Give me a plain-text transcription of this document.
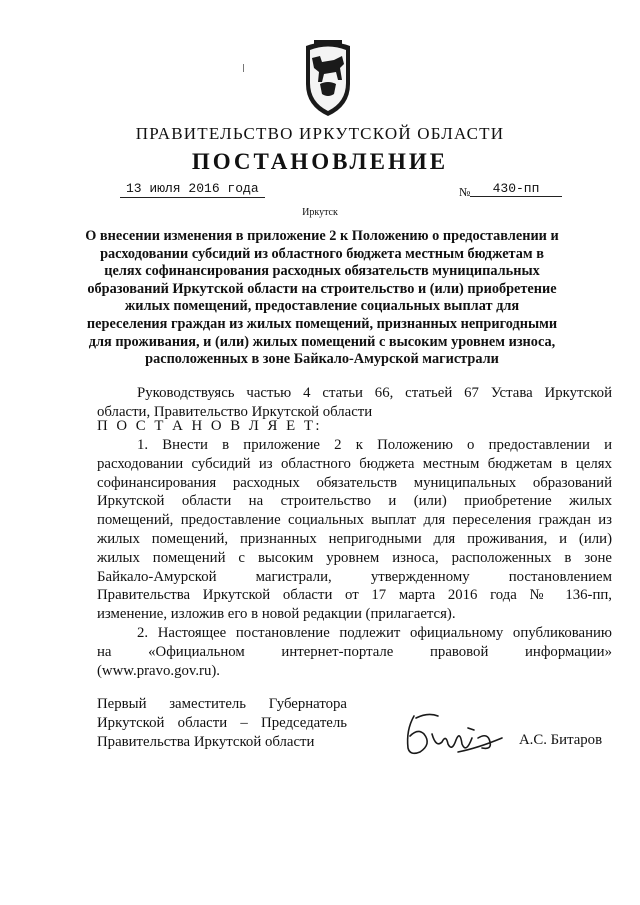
ПРАВИТЕЛЬСТВО ИРКУТСКОЙ ОБЛАСТИ
ПОСТАНОВЛЕНИЕ
13 июля 2016 года	№	430-пп
Иркутск
О внесении изменения в приложение 2 к Положению о предоставлении и
расходовании субсидий из областного бюджета местным бюджетам в
целях софинансирования расходных обязательств муниципальных
образований Иркутской области на строительство и (или) приобретение
жилых помещений, предоставление социальных выплат для
переселения граждан из жилых помещений, признанных непригодными
для проживания, и (или) жилых помещений с высоким уровнем износа,
расположенных в зоне Байкало-Амурской магистрали
Руководствуясь частью 4 статьи 66, статьей 67 Устава Иркутской
области, Правительство Иркутской области
П О С Т А Н О В Л Я Е Т:
1. Внести в приложение 2 к Положению о предоставлении и
расходовании субсидий из областного бюджета местным бюджетам в целях
софинансирования расходных обязательств муниципальных образований
Иркутской области на строительство и (или) приобретение жилых
помещений, предоставление социальных выплат для переселения граждан из
жилых помещений, признанных непригодными для проживания, и (или)
жилых помещений с высоким уровнем износа, расположенных в зоне
Байкало-Амурской магистрали, утвержденному постановлением
Правительства Иркутской области от 17 марта 2016 года № 136-пп,
изменение, изложив его в новой редакции (прилагается).
2. Настоящее постановление подлежит официальному опубликованию
на «Официальном интернет-портале правовой информации»
(www.pravo.gov.ru).
Первый заместитель Губернатора
Иркутской области – Председатель
Правительства Иркутской области	А.С. Битаров
